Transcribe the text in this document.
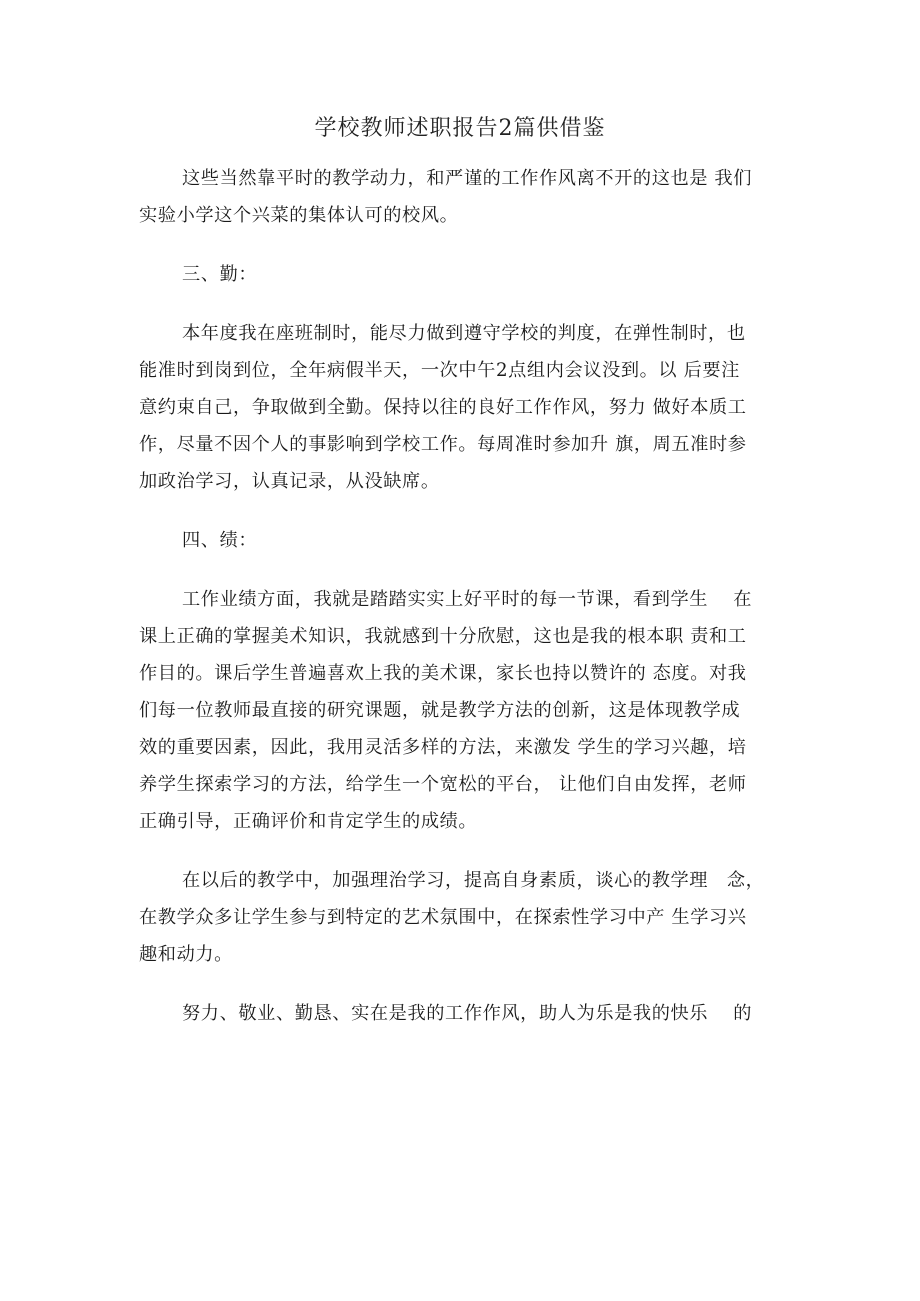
学校教师述职报告2篇供借鉴
这些当然靠平时的教学动力，和严谨的工作作风离不开的这也是 我们
实验小学这个兴菜的集体认可的校风。
三、勤：
本年度我在座班制时，能尽力做到遵守学校的判度，在弹性制时，也
能准时到岗到位，全年病假半天，一次中午2点组内会议没到。以 后要注
意约束自己，争取做到全勤。保持以往的良好工作作风，努力 做好本质工
作，尽量不因个人的事影响到学校工作。每周准时参加升 旗，周五准时参
加政治学习，认真记录，从没缺席。
四、绩：
工作业绩方面，我就是踏踏实实上好平时的每一节课，看到学生　 在
课上正确的掌握美术知识，我就感到十分欣慰，这也是我的根本职 责和工
作目的。课后学生普遍喜欢上我的美术课，家长也持以赞许的 态度。对我
们每一位教师最直接的研究课题，就是教学方法的创新，这是体现教学成
效的重要因素，因此，我用灵活多样的方法，来激发 学生的学习兴趣，培
养学生探索学习的方法，给学生一个宽松的平台， 让他们自由发挥，老师
正确引导，正确评价和肯定学生的成绩。
在以后的教学中，加强理治学习，提高自身素质，谈心的教学理　念，
在教学众多让学生参与到特定的艺术氛围中，在探索性学习中产 生学习兴
趣和动力。
努力、敬业、勤恳、实在是我的工作作风，助人为乐是我的快乐　 的
